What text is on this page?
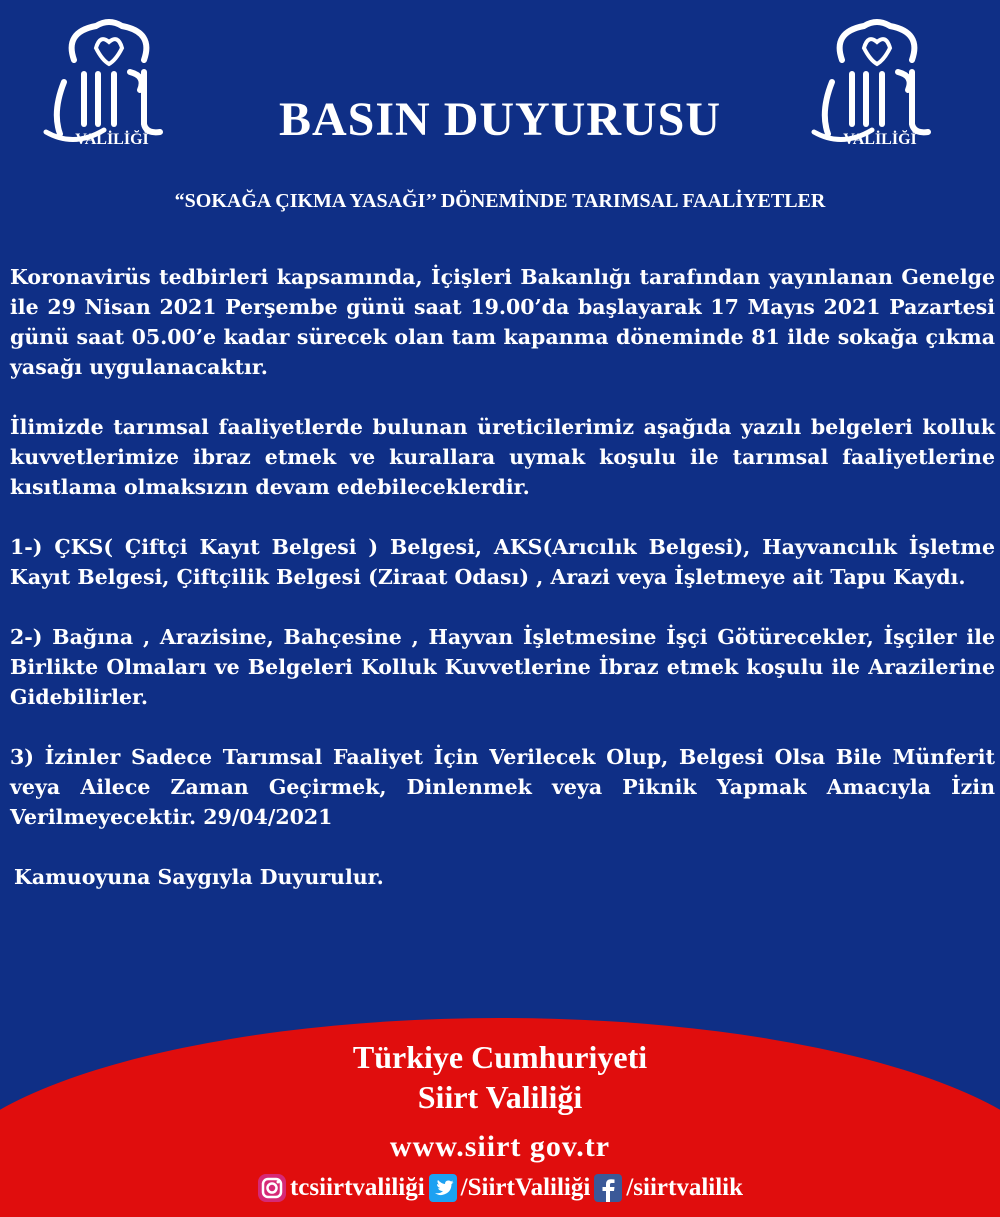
VALİLİĞİ	VALİLİĞİ
BASIN DUYURUSU
“SOKAĞA ÇIKMA YASAĞI’’ DÖNEMİNDE TARIMSAL FAALİYETLER

Koronavirüs tedbirleri kapsamında, İçişleri Bakanlığı tarafından yayınlanan Genelge ile 29 Nisan 2021 Perşembe günü saat 19.00’da başlayarak 17 Mayıs 2021 Pazartesi günü saat 05.00’e kadar sürecek olan tam kapanma döneminde 81 ilde sokağa çıkma yasağı uygulanacaktır.

İlimizde tarımsal faaliyetlerde bulunan üreticilerimiz aşağıda yazılı belgeleri kolluk kuvvetlerimize ibraz etmek ve kurallara uymak koşulu ile tarımsal faaliyetlerine kısıtlama olmaksızın devam edebileceklerdir.

1-) ÇKS( Çiftçi Kayıt Belgesi ) Belgesi, AKS(Arıcılık Belgesi), Hayvancılık İşletme Kayıt Belgesi, Çiftçilik Belgesi (Ziraat Odası) , Arazi veya İşletmeye ait Tapu Kaydı.

2-) Bağına , Arazisine, Bahçesine , Hayvan İşletmesine İşçi Götürecekler, İşçiler ile Birlikte Olmaları ve Belgeleri Kolluk Kuvvetlerine İbraz etmek koşulu ile Arazilerine Gidebilirler.

3) İzinler Sadece Tarımsal Faaliyet İçin Verilecek Olup, Belgesi Olsa Bile Münferit veya Ailece Zaman Geçirmek, Dinlenmek veya Piknik Yapmak Amacıyla İzin Verilmeyecektir. 29/04/2021

Kamuoyuna Saygıyla Duyurulur.

Türkiye Cumhuriyeti

Siirt Valiliği

www.siirt gov.tr

tcsiirtvaliliği /SiirtValiliği /siirtvalilik
